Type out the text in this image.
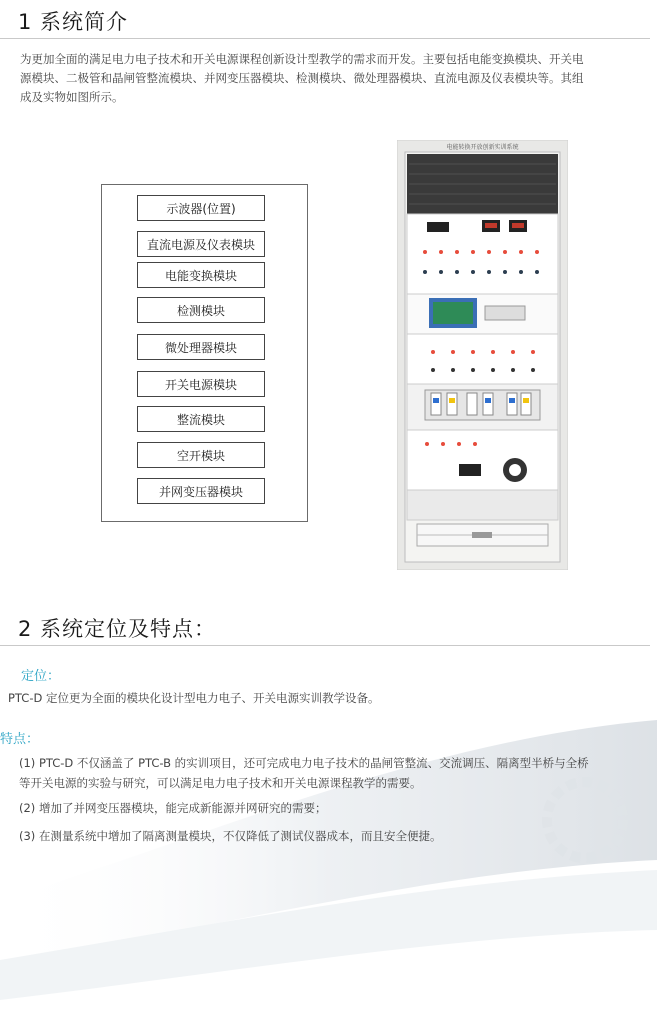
1 系统简介
为更加全面的满足电力电子技术和开关电源课程创新设计型教学的需求而开发。主要包括电能变换模块、开关电
源模块、二极管和晶闸管整流模块、并网变压器模块、检测模块、微处理器模块、直流电源及仪表模块等。其组
成及实物如图所示。
示波器(位置)
直流电源及仪表模块
电能变换模块
检测模块
微处理器模块
开关电源模块
整流模块
空开模块
并网变压器模块
电能转换开放创新实训系统
2 系统定位及特点：
定位：
PTC-D 定位更为全面的模块化设计型电力电子、开关电源实训教学设备。
特点：
(1) PTC-D 不仅涵盖了 PTC-B 的实训项目，还可完成电力电子技术的晶闸管整流、交流调压、隔离型半桥与全桥
等开关电源的实验与研究，可以满足电力电子技术和开关电源课程教学的需要。
(2) 增加了并网变压器模块，能完成新能源并网研究的需要；
(3) 在测量系统中增加了隔离测量模块，不仅降低了测试仪器成本，而且安全便捷。
